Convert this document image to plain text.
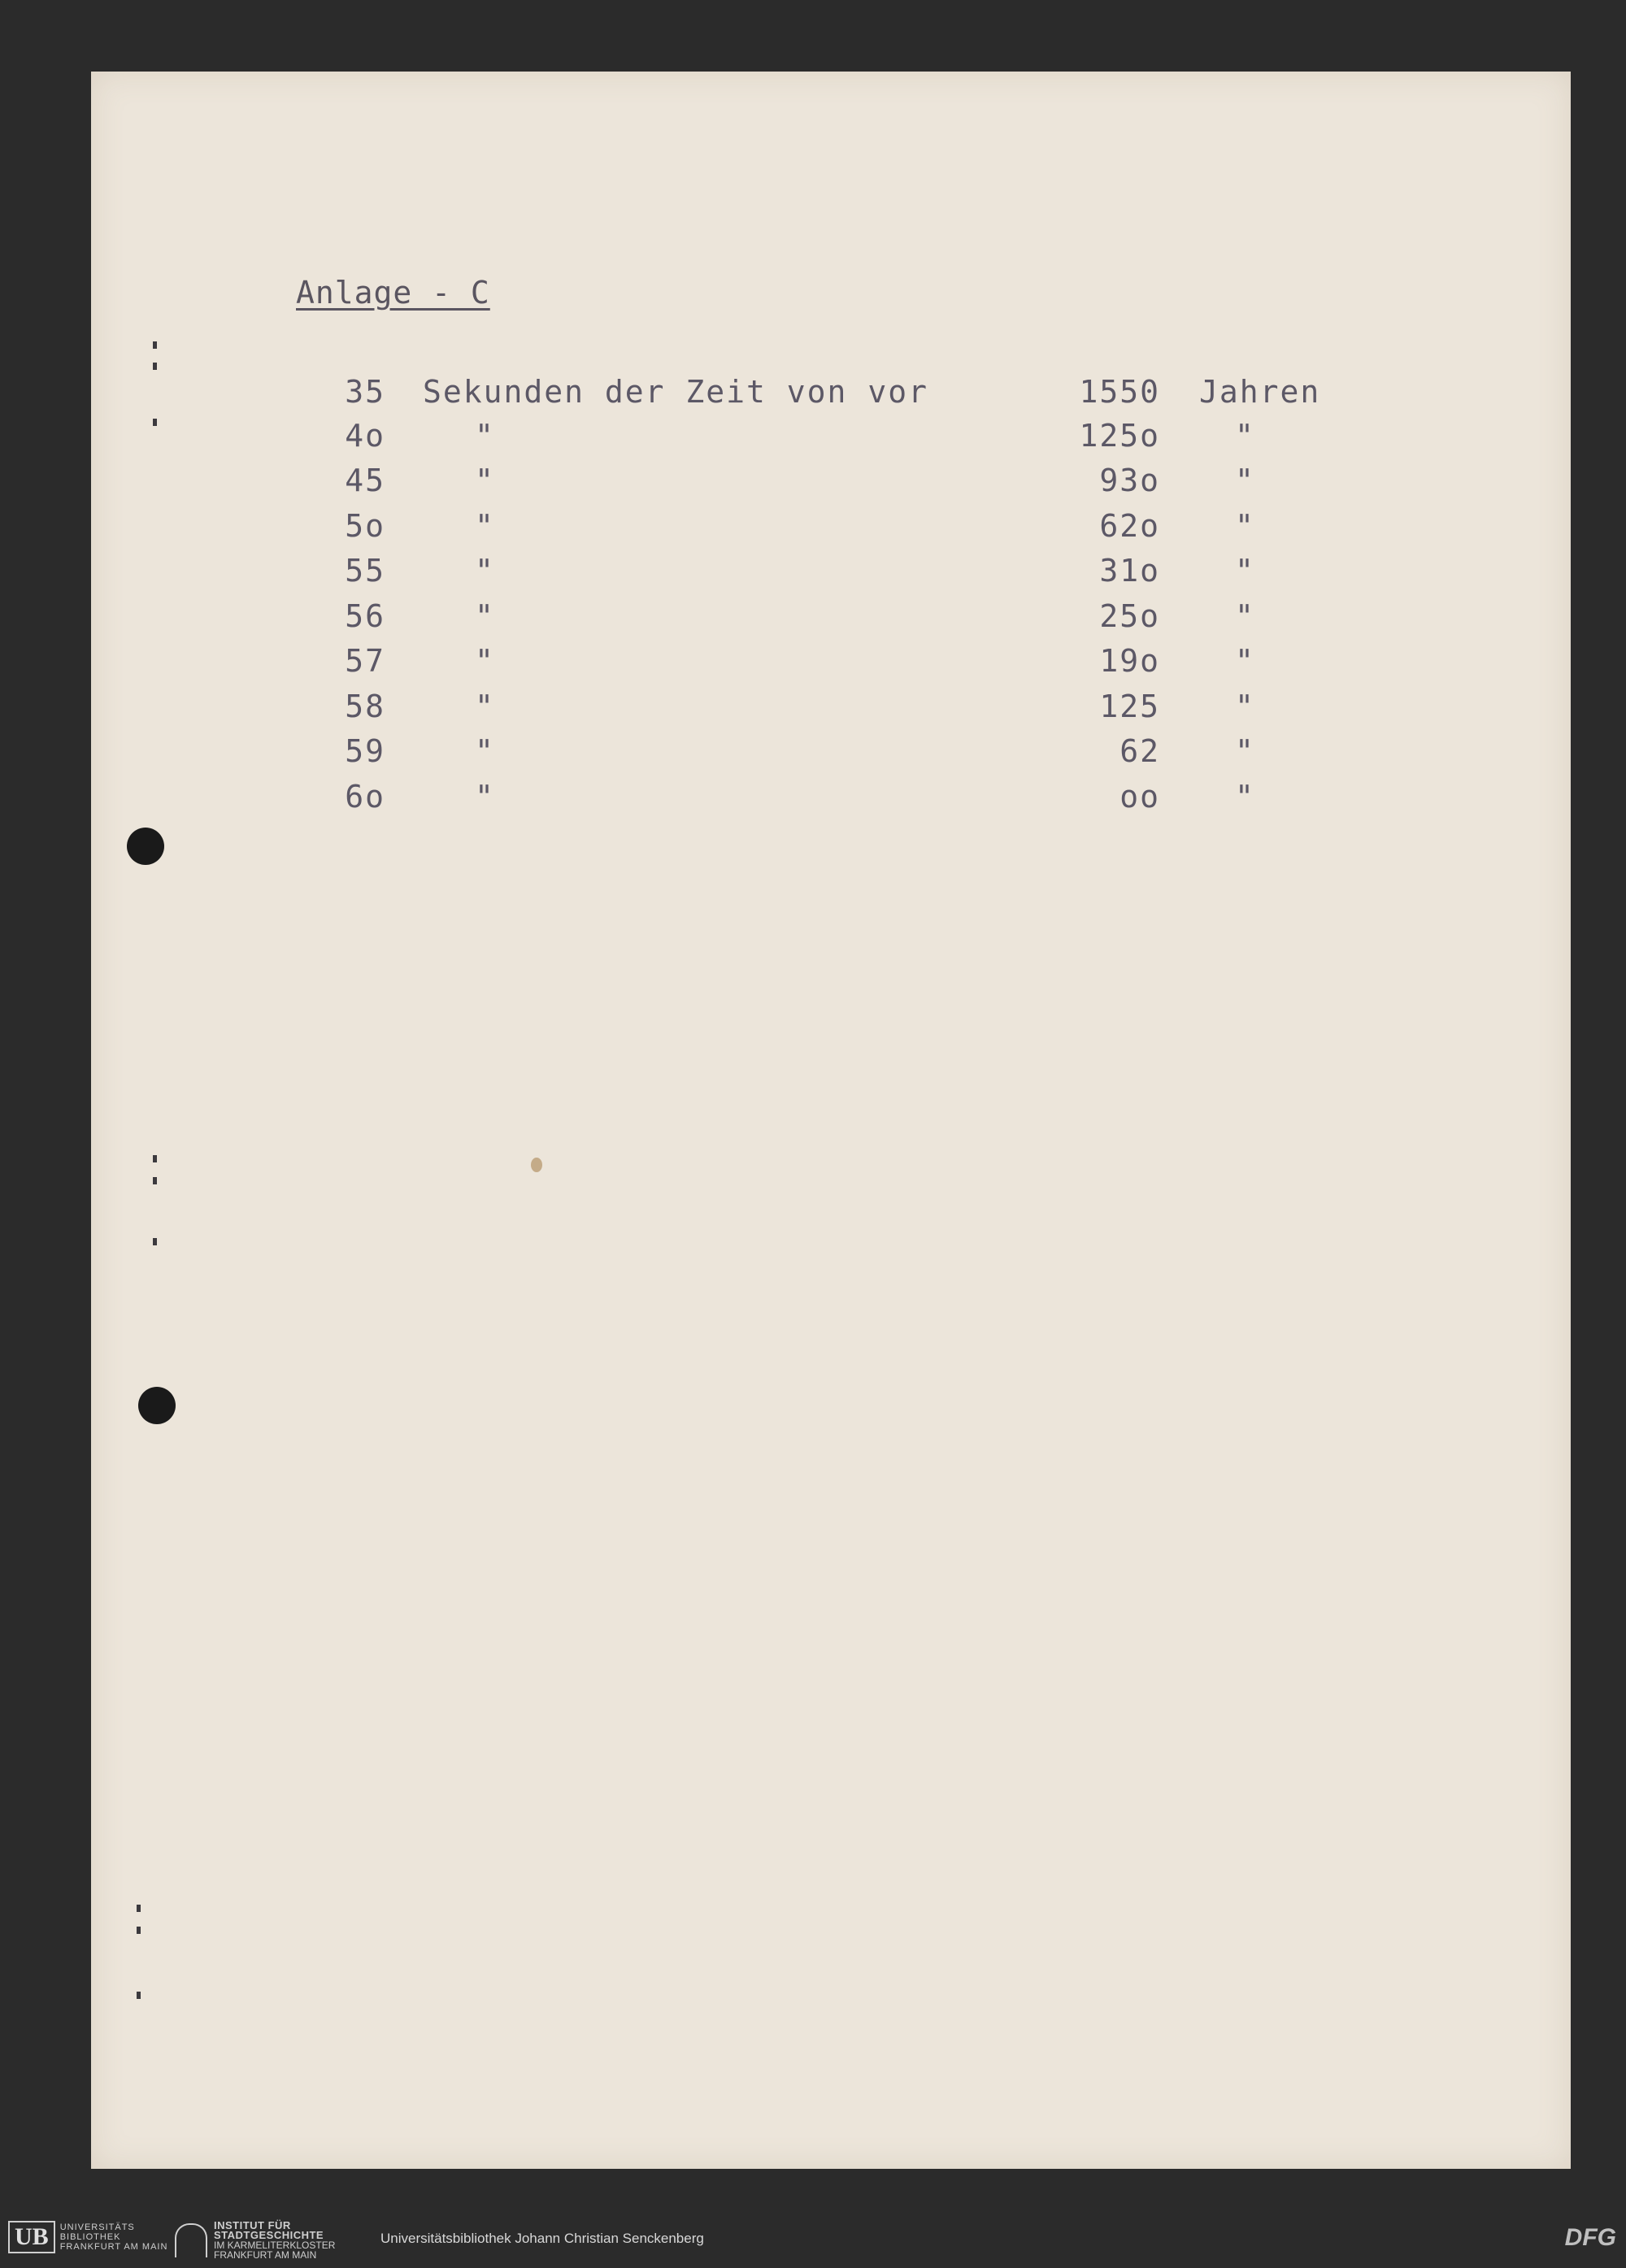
Anlage - C
35 Sekunden der Zeit von vor	1550 Jahren
4o	"	125o "
45	"	93o "
5o	"	62o "
55	"	31o "
56	"	25o "
57	"	19o "
58	"	125 "
59	"	62 "
6o	"	oo "
UB	UNIVERSITÄTS
BIBLIOTHEK
FRANKFURT AM MAIN
INSTITUT FÜR
STADTGESCHICHTE
IM KARMELITERKLOSTER
FRANKFURT AM MAIN
Universitätsbibliothek Johann Christian Senckenberg	DFG
